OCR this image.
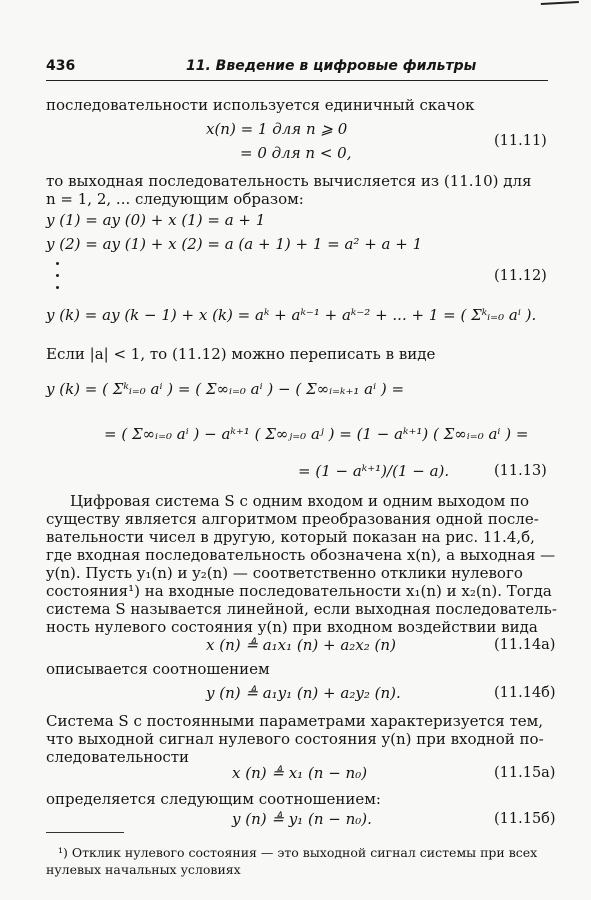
436	11. Введение в цифровые фильтры
последовательности используется единичный скачок
x(n) = 1 для n ⩾ 0
= 0 для n < 0,
(11.11)
то выходная последовательность вычисляется из (11.10) для
n = 1, 2, ... следующим образом:
y (1) = ay (0) + x (1) = a + 1
y (2) = ay (1) + x (2) = a (a + 1) + 1 = a² + a + 1
(11.12)
y (k) = ay (k − 1) + x (k) = aᵏ + aᵏ⁻¹ + aᵏ⁻² + ... + 1 = ( Σᵏᵢ₌₀ aⁱ ).
Если |a| < 1, то (11.12) можно переписать в виде
y (k) = ( Σᵏᵢ₌₀ aⁱ ) = ( Σ∞ᵢ₌₀ aⁱ ) − ( Σ∞ᵢ₌ₖ₊₁ aⁱ ) =
= ( Σ∞ᵢ₌₀ aⁱ ) − aᵏ⁺¹ ( Σ∞ⱼ₌₀ aʲ ) = (1 − aᵏ⁺¹) ( Σ∞ᵢ₌₀ aⁱ ) =
= (1 − aᵏ⁺¹)/(1 − a).	(11.13)
Цифровая система S с одним входом и одним выходом по
существу является алгоритмом преобразования одной после-
вательности чисел в другую, который показан на рис. 11.4,б,
где входная последовательность обозначена x(n), а выходная —
y(n). Пусть y₁(n) и y₂(n) — соответственно отклики нулевого
состояния¹) на входные последовательности x₁(n) и x₂(n). Тогда
система S называется линейной, если выходная последователь-
ность нулевого состояния y(n) при входном воздействии вида
x (n) ≜ a₁x₁ (n) + a₂x₂ (n)	(11.14а)
описывается соотношением
y (n) ≜ a₁y₁ (n) + a₂y₂ (n).	(11.14б)
Система S с постоянными параметрами характеризуется тем,
что выходной сигнал нулевого состояния y(n) при входной по-
следовательности
x (n) ≜ x₁ (n − n₀)	(11.15а)
определяется следующим соотношением:
y (n) ≜ y₁ (n − n₀).	(11.15б)
¹) Отклик нулевого состояния — это выходной сигнал системы при всех
нулевых начальных условиях
